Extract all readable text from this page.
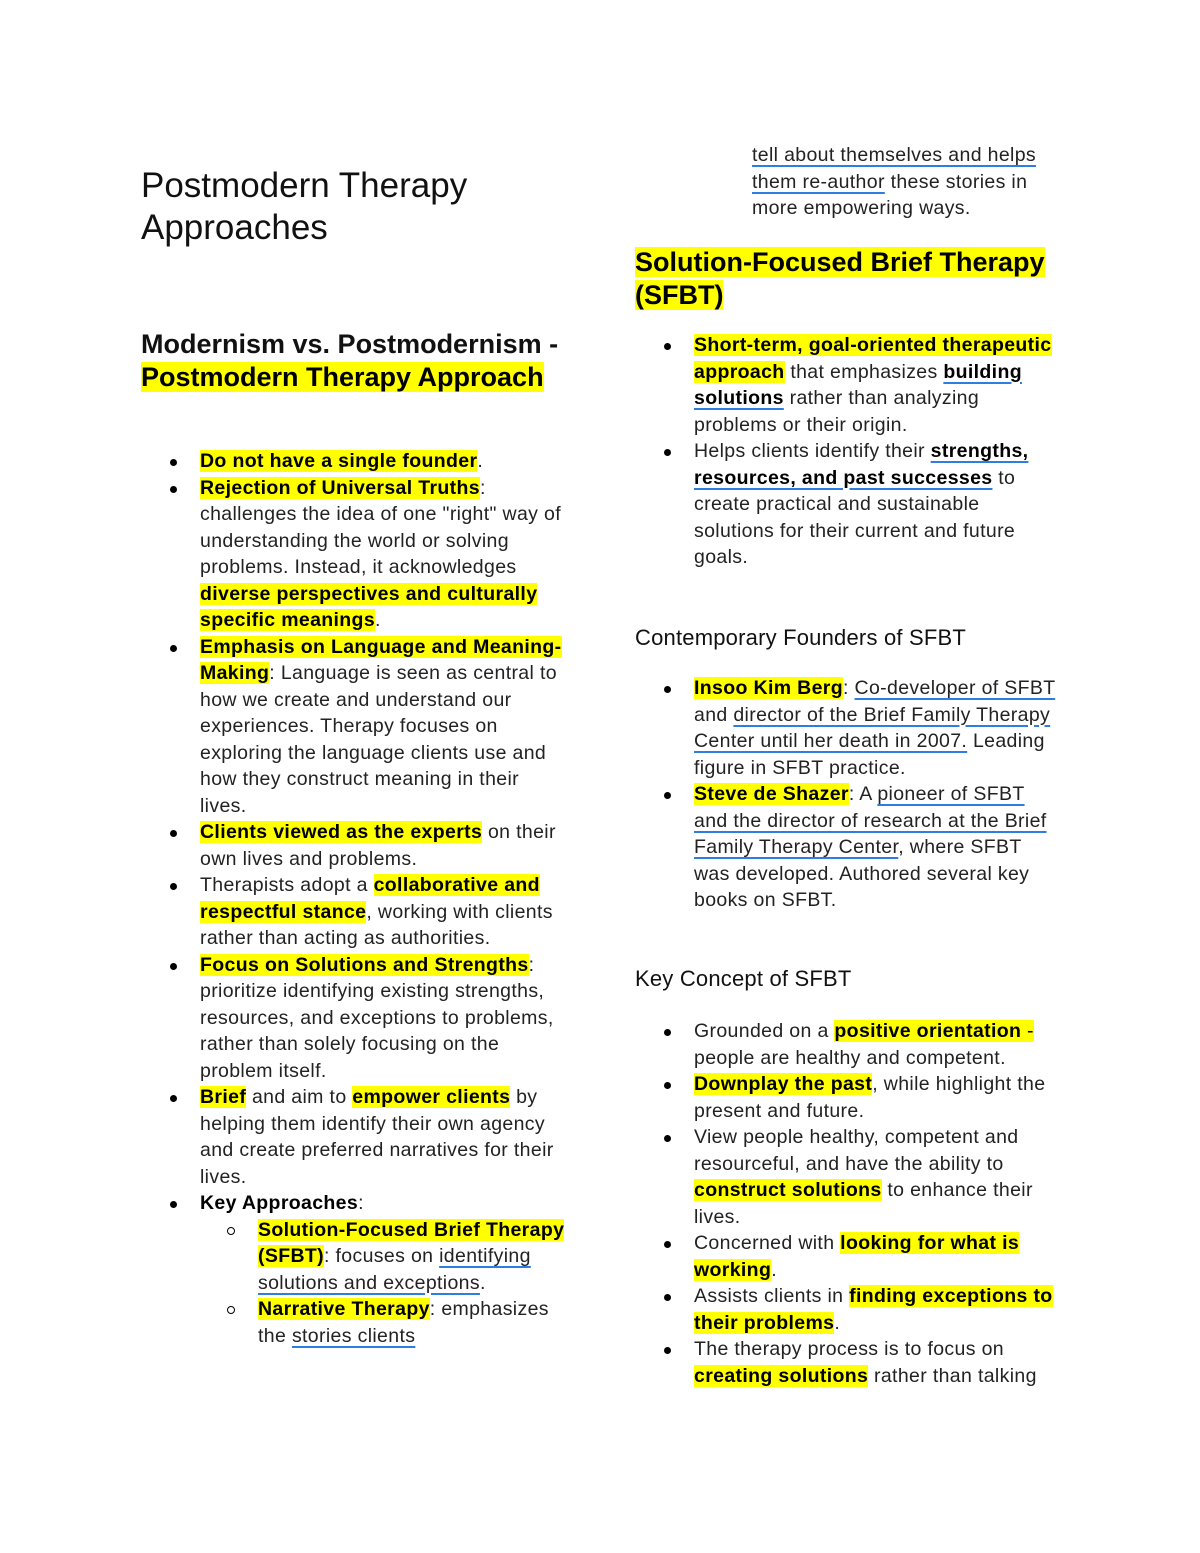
Postmodern Therapy Approaches
Modernism vs. Postmodernism - Postmodern Therapy Approach
Do not have a single founder.
Rejection of Universal Truths: challenges the idea of one "right" way of understanding the world or solving problems. Instead, it acknowledges diverse perspectives and culturally specific meanings.
Emphasis on Language and Meaning-Making: Language is seen as central to how we create and understand our experiences. Therapy focuses on exploring the language clients use and how they construct meaning in their lives.
Clients viewed as the experts on their own lives and problems.
Therapists adopt a collaborative and respectful stance, working with clients rather than acting as authorities.
Focus on Solutions and Strengths: prioritize identifying existing strengths, resources, and exceptions to problems, rather than solely focusing on the problem itself.
Brief and aim to empower clients by helping them identify their own agency and create preferred narratives for their lives.
Key Approaches:
Solution-Focused Brief Therapy (SFBT): focuses on identifying solutions and exceptions.
Narrative Therapy: emphasizes the stories clients
tell about themselves and helps them re-author these stories in more empowering ways.
Solution-Focused Brief Therapy (SFBT)
Short-term, goal-oriented therapeutic approach that emphasizes building solutions rather than analyzing problems or their origin.
Helps clients identify their strengths, resources, and past successes to create practical and sustainable solutions for their current and future goals.
Contemporary Founders of SFBT
Insoo Kim Berg: Co-developer of SFBT and director of the Brief Family Therapy Center until her death in 2007. Leading figure in SFBT practice.
Steve de Shazer: A pioneer of SFBT and the director of research at the Brief Family Therapy Center, where SFBT was developed. Authored several key books on SFBT.
Key Concept of SFBT
Grounded on a positive orientation - people are healthy and competent.
Downplay the past, while highlight the present and future.
View people healthy, competent and resourceful, and have the ability to construct solutions to enhance their lives.
Concerned with looking for what is working.
Assists clients in finding exceptions to their problems.
The therapy process is to focus on creating solutions rather than talking
